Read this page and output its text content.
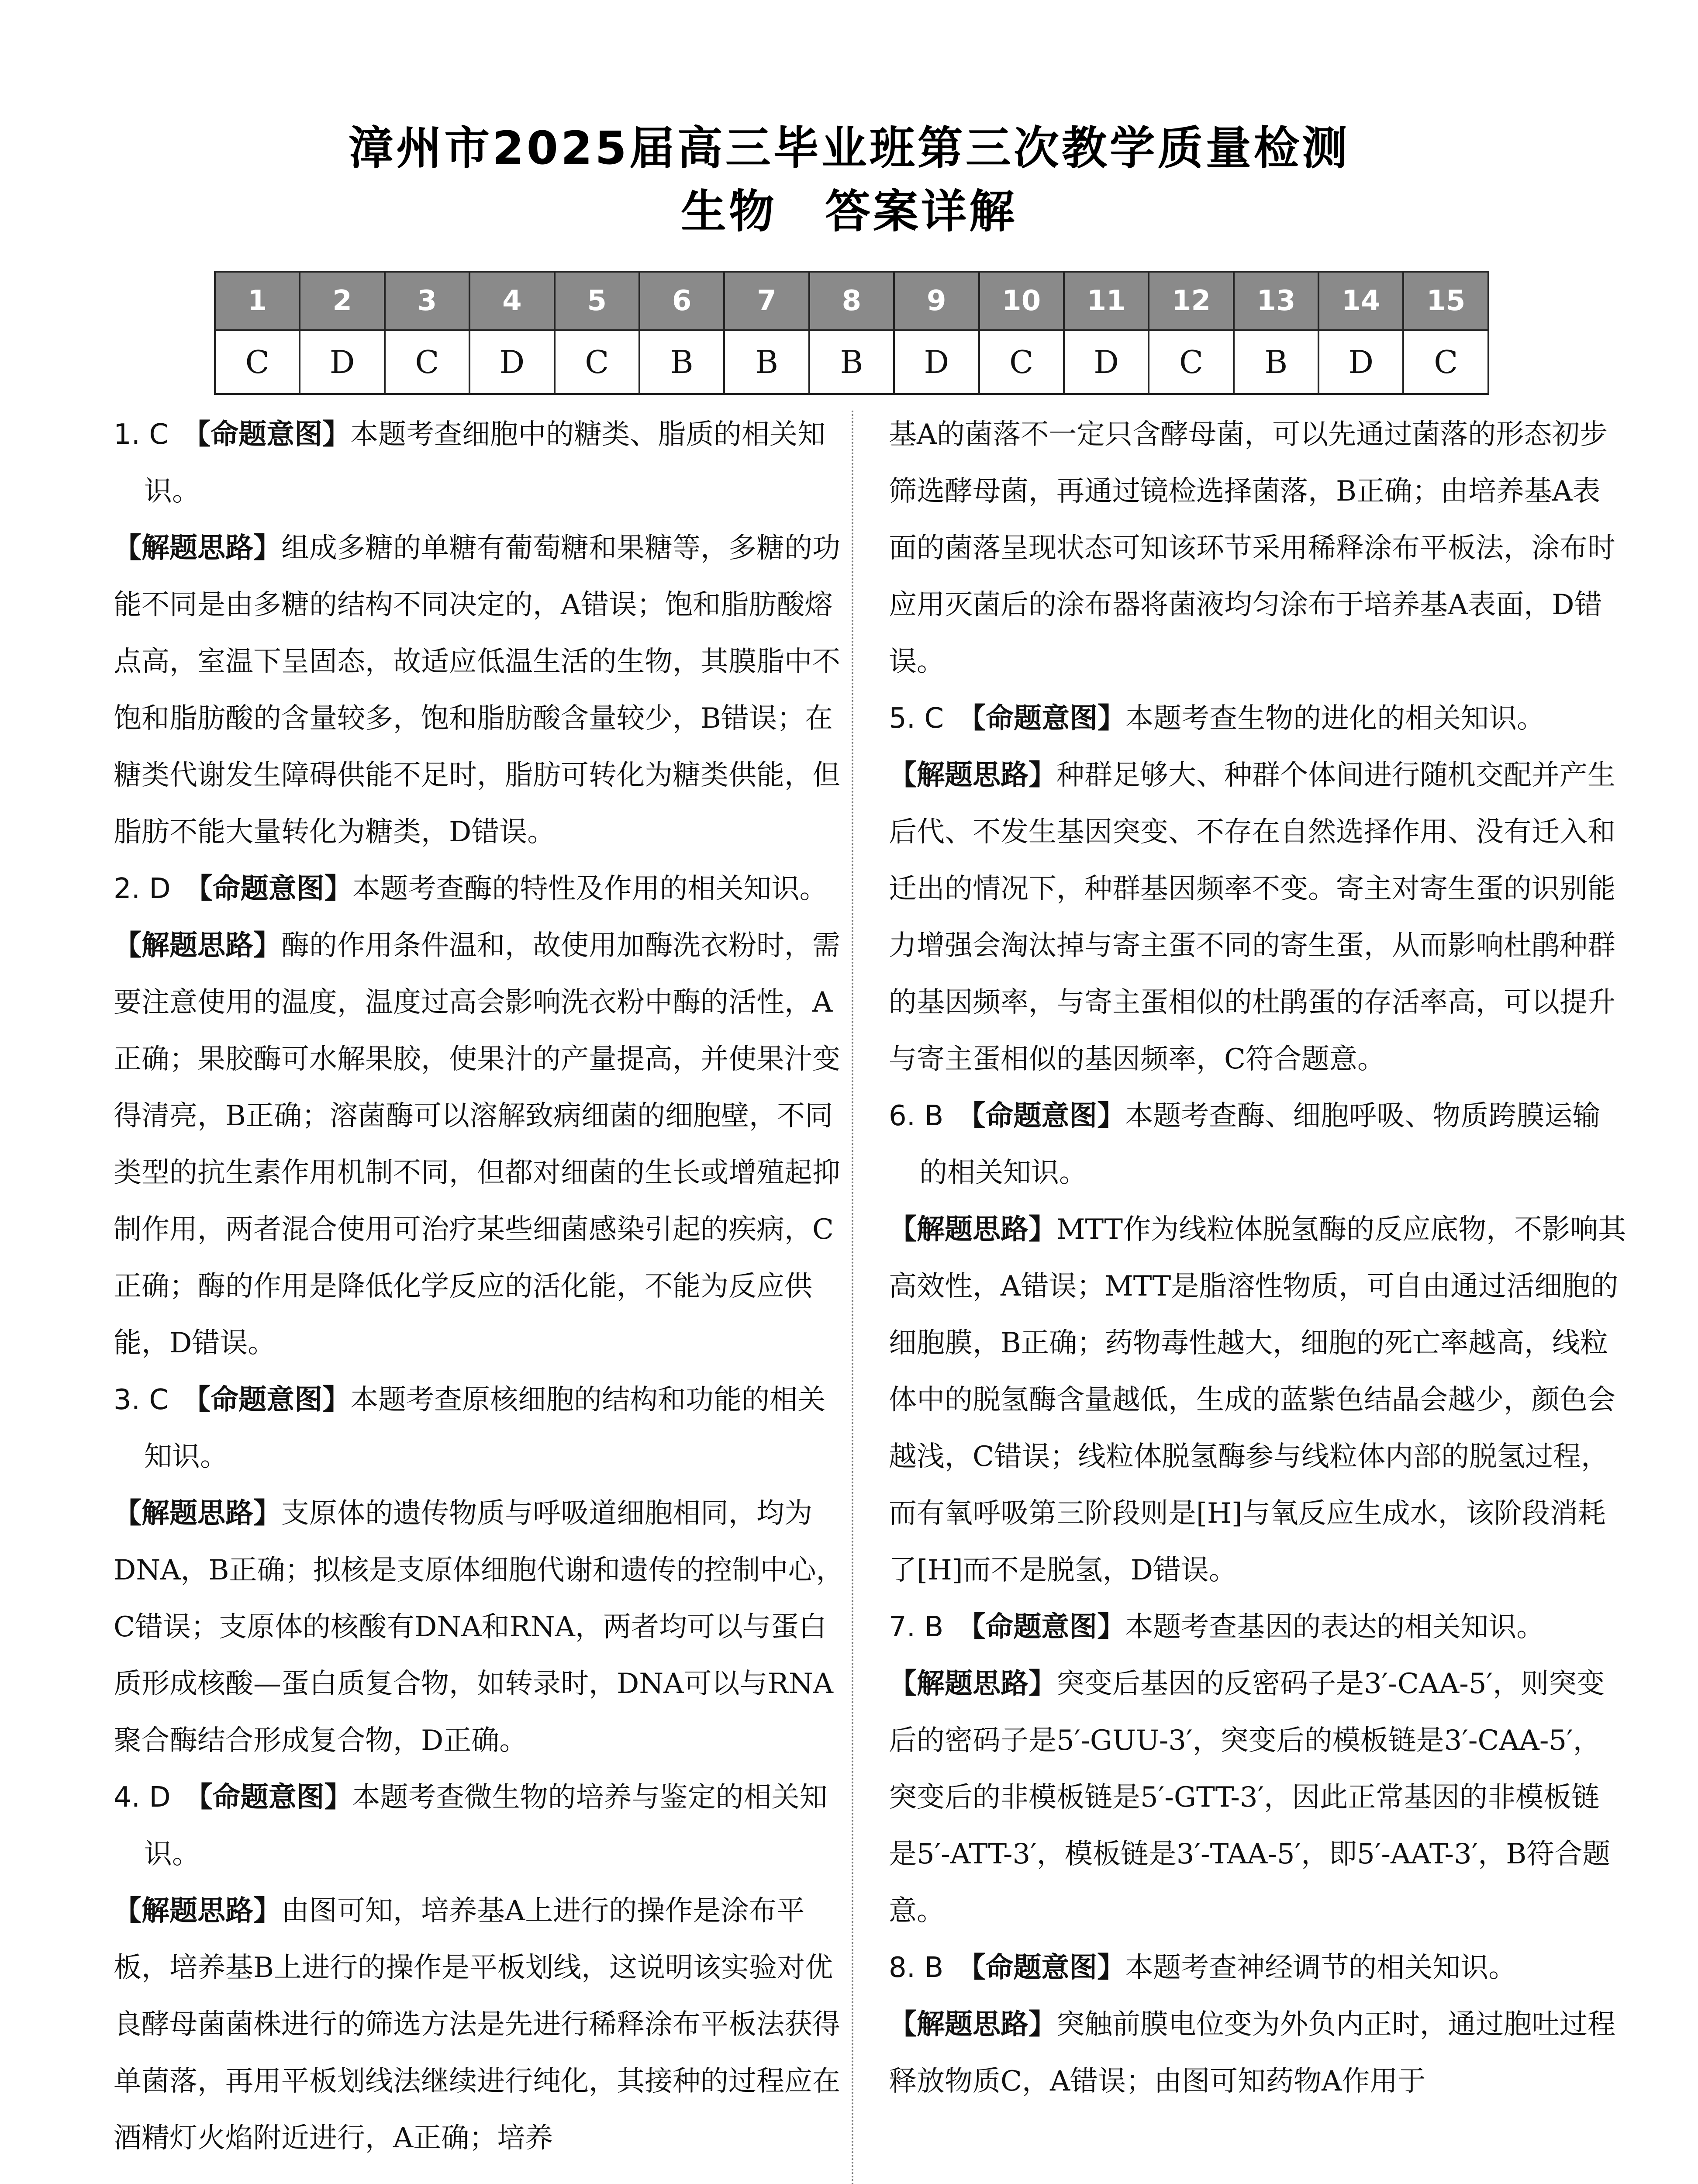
漳州市2025届高三毕业班第三次教学质量检测
生物　答案详解
1	2	3	4	5	6	7	8	9	10	11	12	13	14	15
C	D	C	D	C	B	B	B	D	C	D	C	B	D	C

1. C　【命题意图】本题考查细胞中的糖类、脂质的相关知识。

【解题思路】组成多糖的单糖有葡萄糖和果糖等，多糖的功能不同是由多糖的结构不同决定的，A错误；饱和脂肪酸熔点高，室温下呈固态，故适应低温生活的生物，其膜脂中不饱和脂肪酸的含量较多，饱和脂肪酸含量较少，B错误；在糖类代谢发生障碍供能不足时，脂肪可转化为糖类供能，但脂肪不能大量转化为糖类，D错误。

2. D　【命题意图】本题考查酶的特性及作用的相关知识。

【解题思路】酶的作用条件温和，故使用加酶洗衣粉时，需要注意使用的温度，温度过高会影响洗衣粉中酶的活性，A正确；果胶酶可水解果胶，使果汁的产量提高，并使果汁变得清亮，B正确；溶菌酶可以溶解致病细菌的细胞壁，不同类型的抗生素作用机制不同，但都对细菌的生长或增殖起抑制作用，两者混合使用可治疗某些细菌感染引起的疾病，C正确；酶的作用是降低化学反应的活化能，不能为反应供能，D错误。

3. C　【命题意图】本题考查原核细胞的结构和功能的相关知识。

【解题思路】支原体的遗传物质与呼吸道细胞相同，均为DNA，B正确；拟核是支原体细胞代谢和遗传的控制中心，C错误；支原体的核酸有DNA和RNA，两者均可以与蛋白质形成核酸—蛋白质复合物，如转录时，DNA可以与RNA聚合酶结合形成复合物，D正确。

4. D　【命题意图】本题考查微生物的培养与鉴定的相关知识。

【解题思路】由图可知，培养基A上进行的操作是涂布平板，培养基B上进行的操作是平板划线，这说明该实验对优良酵母菌菌株进行的筛选方法是先进行稀释涂布平板法获得单菌落，再用平板划线法继续进行纯化，其接种的过程应在酒精灯火焰附近进行，A正确；培养

基A的菌落不一定只含酵母菌，可以先通过菌落的形态初步筛选酵母菌，再通过镜检选择菌落，B正确；由培养基A表面的菌落呈现状态可知该环节采用稀释涂布平板法，涂布时应用灭菌后的涂布器将菌液均匀涂布于培养基A表面，D错误。

5. C　【命题意图】本题考查生物的进化的相关知识。

【解题思路】种群足够大、种群个体间进行随机交配并产生后代、不发生基因突变、不存在自然选择作用、没有迁入和迁出的情况下，种群基因频率不变。寄主对寄生蛋的识别能力增强会淘汰掉与寄主蛋不同的寄生蛋，从而影响杜鹃种群的基因频率，与寄主蛋相似的杜鹃蛋的存活率高，可以提升与寄主蛋相似的基因频率，C符合题意。

6. B　【命题意图】本题考查酶、细胞呼吸、物质跨膜运输的相关知识。

【解题思路】MTT作为线粒体脱氢酶的反应底物，不影响其高效性，A错误；MTT是脂溶性物质，可自由通过活细胞的细胞膜，B正确；药物毒性越大，细胞的死亡率越高，线粒体中的脱氢酶含量越低，生成的蓝紫色结晶会越少，颜色会越浅，C错误；线粒体脱氢酶参与线粒体内部的脱氢过程，而有氧呼吸第三阶段则是[H]与氧反应生成水，该阶段消耗了[H]而不是脱氢，D错误。

7. B　【命题意图】本题考查基因的表达的相关知识。

【解题思路】突变后基因的反密码子是3′-CAA-5′，则突变后的密码子是5′-GUU-3′，突变后的模板链是3′-CAA-5′，突变后的非模板链是5′-GTT-3′，因此正常基因的非模板链是5′-ATT-3′，模板链是3′-TAA-5′，即5′-AAT-3′，B符合题意。

8. B　【命题意图】本题考查神经调节的相关知识。

【解题思路】突触前膜电位变为外负内正时，通过胞吐过程释放物质C，A错误；由图可知药物A作用于
